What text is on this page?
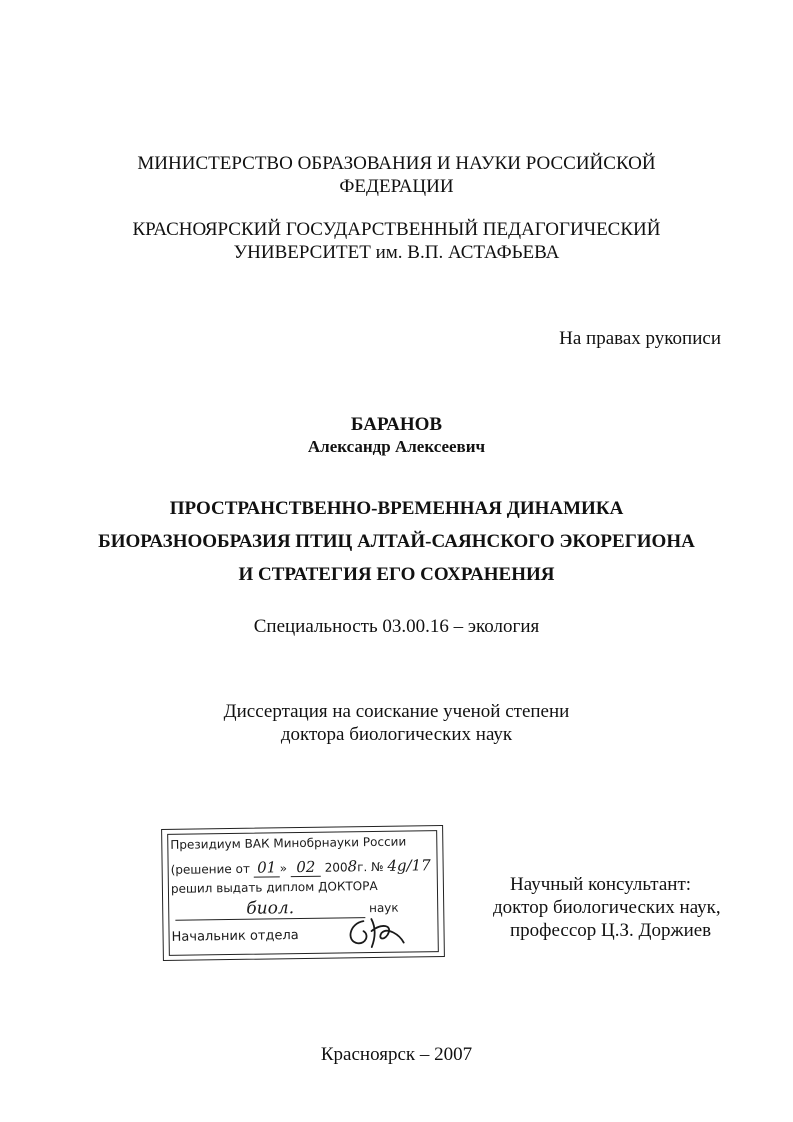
МИНИСТЕРСТВО ОБРАЗОВАНИЯ И НАУКИ РОССИЙСКОЙ
ФЕДЕРАЦИИ
КРАСНОЯРСКИЙ ГОСУДАРСТВЕННЫЙ ПЕДАГОГИЧЕСКИЙ
УНИВЕРСИТЕТ им. В.П. АСТАФЬЕВА
На правах рукописи
БАРАНОВ
Александр Алексеевич
ПРОСТРАНСТВЕННО-ВРЕМЕННАЯ ДИНАМИКА
БИОРАЗНООБРАЗИЯ ПТИЦ АЛТАЙ-САЯНСКОГО ЭКОРЕГИОНА
И СТРАТЕГИЯ ЕГО СОХРАНЕНИЯ
Специальность 03.00.16 – экология
Диссертация на соискание ученой степени
доктора биологических наук
Президиум ВАК Минобрнауки России
(решение от 01 » 02 2008г. № 4g/17
решил выдать диплом ДОКТОРА
биол.	наук
Начальник отдела
Научный консультант:
доктор биологических наук,
профессор Ц.З. Доржиев
Красноярск – 2007
